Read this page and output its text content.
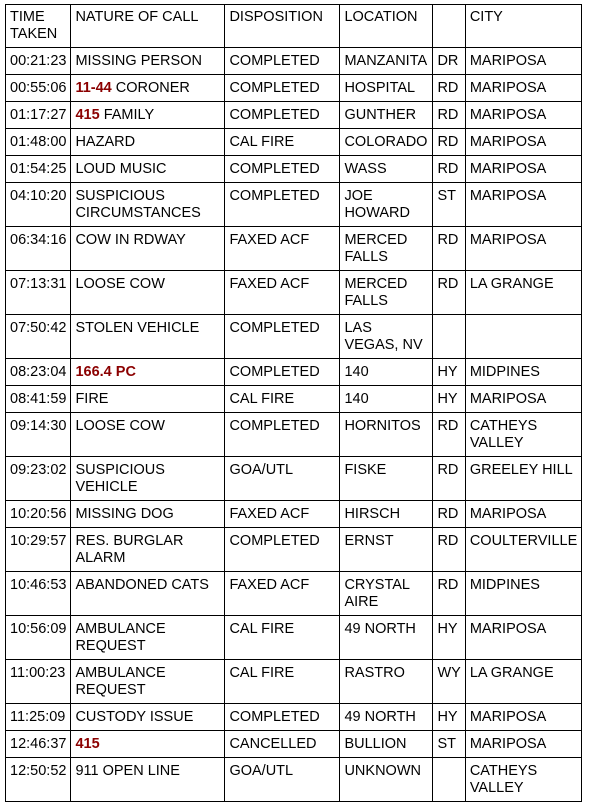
TIME TAKEN	NATURE OF CALL	DISPOSITION	LOCATION		CITY
00:21:23	MISSING PERSON	COMPLETED	MANZANITA	DR	MARIPOSA
00:55:06	11-44 CORONER	COMPLETED	HOSPITAL	RD	MARIPOSA
01:17:27	415 FAMILY	COMPLETED	GUNTHER	RD	MARIPOSA
01:48:00	HAZARD	CAL FIRE	COLORADO	RD	MARIPOSA
01:54:25	LOUD MUSIC	COMPLETED	WASS	RD	MARIPOSA
04:10:20	SUSPICIOUS CIRCUMSTANCES	COMPLETED	JOE HOWARD	ST	MARIPOSA
06:34:16	COW IN RDWAY	FAXED ACF	MERCED FALLS	RD	MARIPOSA
07:13:31	LOOSE COW	FAXED ACF	MERCED FALLS	RD	LA GRANGE
07:50:42	STOLEN VEHICLE	COMPLETED	LAS VEGAS, NV		
08:23:04	166.4 PC	COMPLETED	140	HY	MIDPINES
08:41:59	FIRE	CAL FIRE	140	HY	MARIPOSA
09:14:30	LOOSE COW	COMPLETED	HORNITOS	RD	CATHEYS VALLEY
09:23:02	SUSPICIOUS VEHICLE	GOA/UTL	FISKE	RD	GREELEY HILL
10:20:56	MISSING DOG	FAXED ACF	HIRSCH	RD	MARIPOSA
10:29:57	RES. BURGLAR ALARM	COMPLETED	ERNST	RD	COULTERVILLE
10:46:53	ABANDONED CATS	FAXED ACF	CRYSTAL AIRE	RD	MIDPINES
10:56:09	AMBULANCE REQUEST	CAL FIRE	49 NORTH	HY	MARIPOSA
11:00:23	AMBULANCE REQUEST	CAL FIRE	RASTRO	WY	LA GRANGE
11:25:09	CUSTODY ISSUE	COMPLETED	49 NORTH	HY	MARIPOSA
12:46:37	415	CANCELLED	BULLION	ST	MARIPOSA
12:50:52	911 OPEN LINE	GOA/UTL	UNKNOWN		CATHEYS VALLEY
